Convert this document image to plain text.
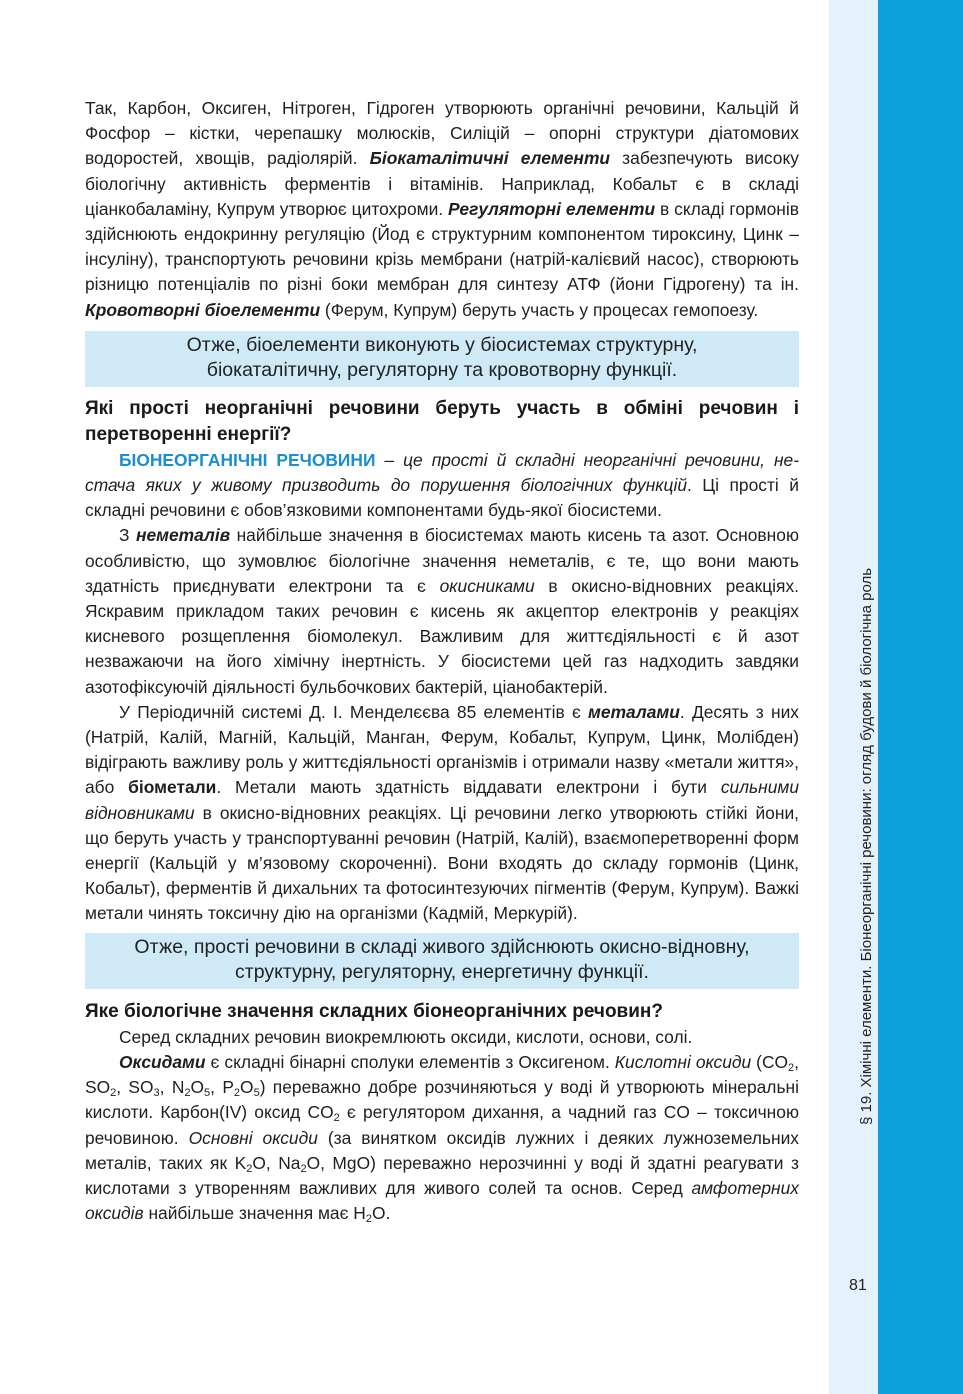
§ 19. Хімічні елементи. Біонеорганічні речовини: огляд будови й біологічна роль
81

Так, Карбон, Оксиген, Нітроген, Гідроген утворюють органічні речовини, Кальцій й Фосфор – кістки, черепашку молюсків, Силіцій – опорні структури діатомових водоростей, хвощів, радіолярій. Біокаталітичні елементи забезпечують високу біологічну активність ферментів і вітамінів. Наприклад, Кобальт є в складі ціанкобаламіну, Купрум утворює цитохроми. Регуляторні елементи в складі гормонів здійснюють ендокринну регуляцію (Йод є структурним компонентом тироксину, Цинк – інсуліну), транспортують речовини крізь мембрани (натрій-калієвий насос), створюють різницю потенціалів по різні боки мембран для синтезу АТФ (йони Гідрогену) та ін. Кровотворні біоелементи (Ферум, Купрум) беруть участь у процесах гемопоезу.

Отже, біоелементи виконують у біосистемах структурну,
біокаталітичну, регуляторну та кровотворну функції.
Які прості неорганічні речовини беруть участь в обміні речовин і перетворенні енергії?

БІОНЕОРГАНІЧНІ РЕЧОВИНИ – це прості й складні неорганічні речовини, нестача яких у живому призводить до порушення біологічних функцій. Ці прості й складні речовини є обов’язковими компонентами будь-якої біосистеми.

З неметалів найбільше значення в біосистемах мають кисень та азот. Основною особливістю, що зумовлює біологічне значення неметалів, є те, що вони мають здатність приєднувати електрони та є окисниками в окисно-відновних реакціях. Яскравим прикладом таких речовин є кисень як акцептор електронів у реакціях кисневого розщеплення біомолекул. Важливим для життєдіяльності є й азот незважаючи на його хімічну інертність. У біосистеми цей газ надходить завдяки азотофіксуючій діяльності бульбочкових бактерій, ціанобактерій.

У Періодичній системі Д. І. Менделєєва 85 елементів є металами. Десять з них (Натрій, Калій, Магній, Кальцій, Манган, Ферум, Кобальт, Купрум, Цинк, Молібден) відіграють важливу роль у життєдіяльності організмів і отримали назву «метали життя», або біометали. Метали мають здатність віддавати електрони і бути сильними відновниками в окисно-відновних реакціях. Ці речовини легко утворюють стійкі йони, що беруть участь у транспортуванні речовин (Натрій, Калій), взаємоперетворенні форм енергії (Кальцій у м’язовому скороченні). Вони входять до складу гормонів (Цинк, Кобальт), ферментів й дихальних та фотосинтезуючих пігментів (Ферум, Купрум). Важкі метали чинять токсичну дію на організми (Кадмій, Меркурій).

Отже, прості речовини в складі живого здійснюють окисно-відновну,
структурну, регуляторну, енергетичну функції.
Яке біологічне значення складних біонеорганічних речовин?

Серед складних речовин виокремлюють оксиди, кислоти, основи, солі.

Оксидами є складні бінарні сполуки елементів з Оксигеном. Кислотні оксиди ($CO_2$, $SO_2$, $SO_3$, $N_2O_5$, $P_2O_5$) переважно добре розчиняються у воді й утворюють мінеральні кислоти. Карбон(IV) оксид $CO_2$ є регулятором дихання, а чадний газ CO – токсичною речовиною. Основні оксиди (за винятком оксидів лужних і деяких лужноземельних металів, таких як $K_2O$, $Na_2O$, MgO) переважно нерозчинні у воді й здатні реагувати з кислотами з утворенням важливих для живого солей та основ. Серед амфотерних оксидів найбільше значення має $H_2O$.
